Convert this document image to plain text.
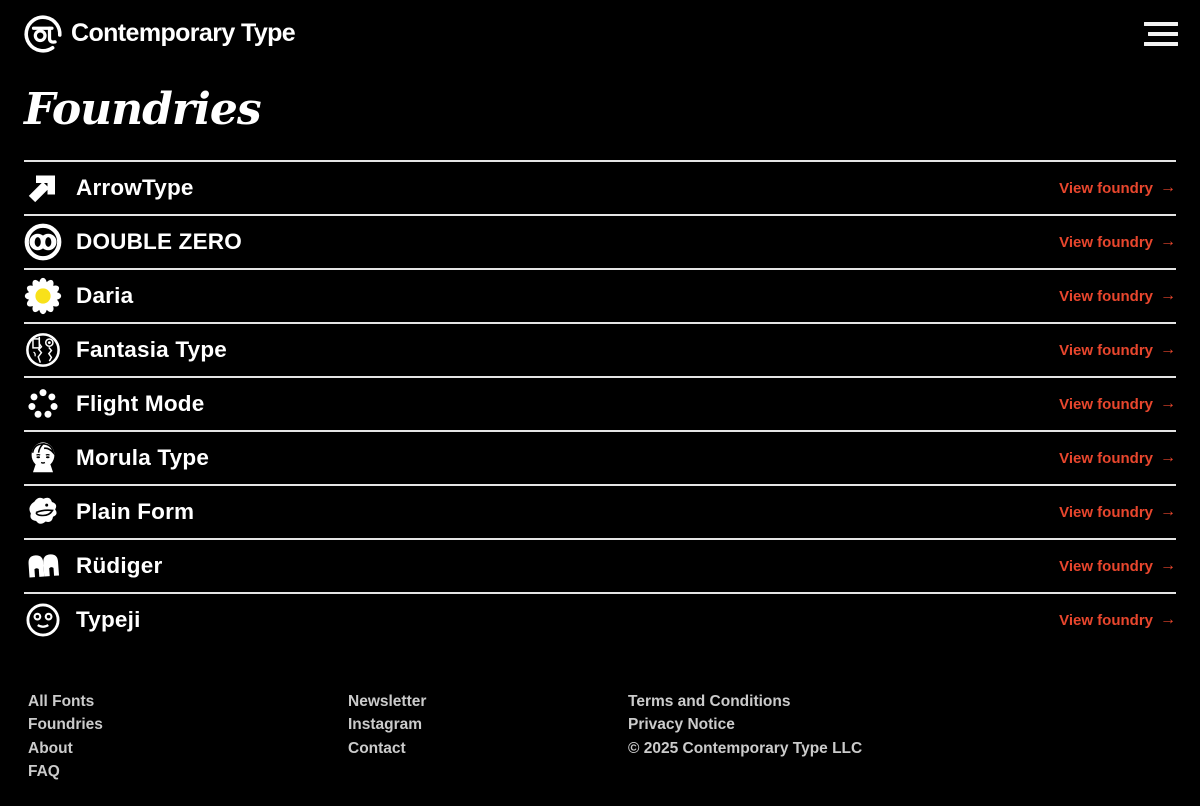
Contemporary Type
Foundries
ArrowType	View foundry →
DOUBLE ZERO	View foundry →
Daria	View foundry →
Fantasia Type	View foundry →
Flight Mode	View foundry →
Morula Type	View foundry →
Plain Form	View foundry →
Rüdiger	View foundry →
Typeji	View foundry →
All Fonts
Foundries
About
FAQ
Newsletter
Instagram
Contact
Terms and Conditions
Privacy Notice
© 2025 Contemporary Type LLC
